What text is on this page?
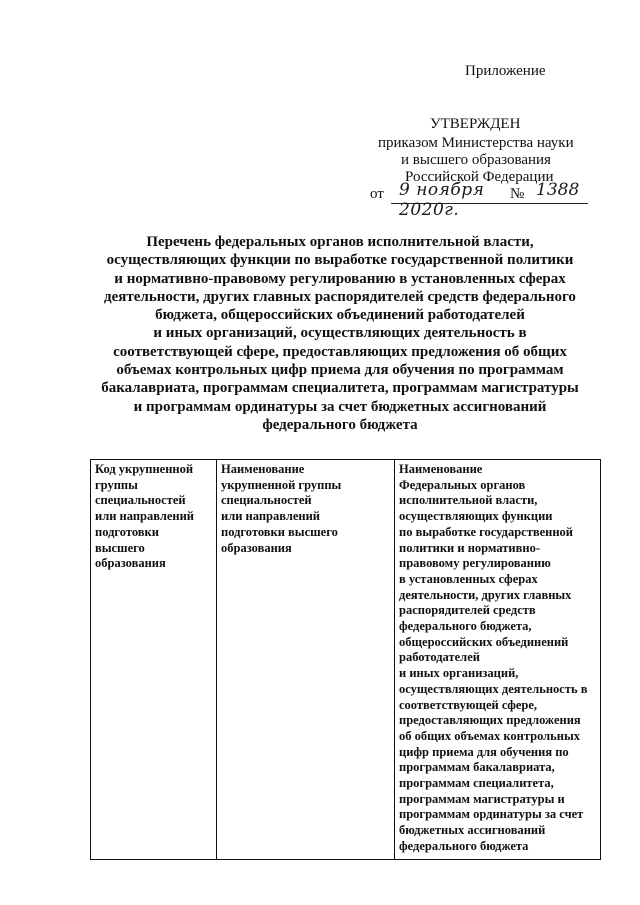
Приложение
УТВЕРЖДЕН
приказом Министерства науки
и высшего образования
Российской Федерации
от 9 ноября 2020г.
№ 1388
Перечень федеральных органов исполнительной власти,
осуществляющих функции по выработке государственной политики
и нормативно-правовому регулированию в установленных сферах
деятельности, других главных распорядителей средств федерального
бюджета, общероссийских объединений работодателей
и иных организаций, осуществляющих деятельность в
соответствующей сфере, предоставляющих предложения об общих
объемах контрольных цифр приема для обучения по программам
бакалавриата, программам специалитета, программам магистратуры
и программам ординатуры за счет бюджетных ассигнований
федерального бюджета
Код укрупненной
группы
специальностей
или направлений
подготовки
высшего
образования

Наименование
укрупненной группы
специальностей
или направлений
подготовки высшего
образования

Наименование
Федеральных органов
исполнительной власти,
осуществляющих функции
по выработке государственной
политики и нормативно-
правовому регулированию
в установленных сферах
деятельности, других главных
распорядителей средств
федерального бюджета,
общероссийских объединений
работодателей
и иных организаций,
осуществляющих деятельность в
соответствующей сфере,
предоставляющих предложения
об общих объемах контрольных
цифр приема для обучения по
программам бакалавриата,
программам специалитета,
программам магистратуры и
программам ординатуры за счет
бюджетных ассигнований
федерального бюджета
